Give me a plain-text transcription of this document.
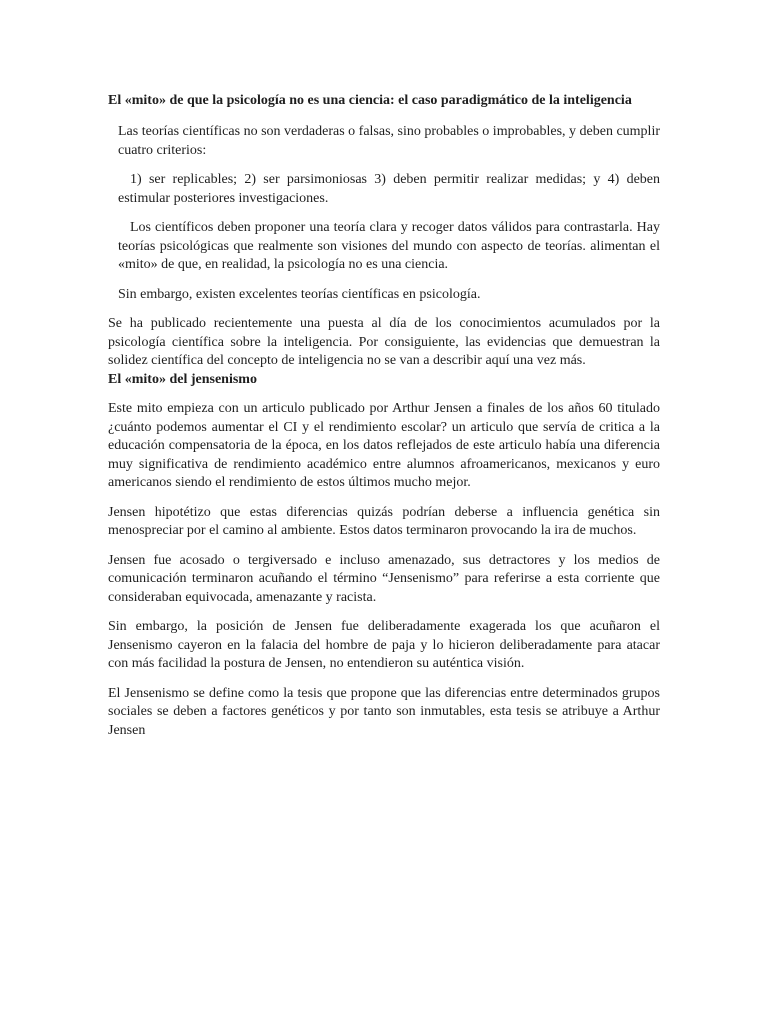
El «mito» de que la psicología no es una ciencia: el caso paradigmático de la inteligencia
Las teorías científicas no son verdaderas o falsas, sino probables o improbables, y deben cumplir cuatro criterios:
1) ser replicables; 2) ser parsimoniosas 3) deben permitir realizar medidas; y 4) deben estimular posteriores investigaciones.
Los científicos deben proponer una teoría clara y recoger datos válidos para contrastarla. Hay teorías psicológicas que realmente son visiones del mundo con aspecto de teorías. alimentan el «mito» de que, en realidad, la psicología no es una ciencia.
Sin embargo, existen excelentes teorías científicas en psicología.
Se ha publicado recientemente una puesta al día de los conocimientos acumulados por la psicología científica sobre la inteligencia. Por consiguiente, las evidencias que demuestran la solidez científica del concepto de inteligencia no se van a describir aquí una vez más.
El «mito» del jensenismo
Este mito empieza con un articulo publicado por Arthur Jensen a finales de los años 60 titulado ¿cuánto podemos aumentar el CI y el rendimiento escolar? un articulo que servía de critica a la educación compensatoria de la época, en los datos reflejados de este articulo había una diferencia muy significativa de rendimiento académico entre alumnos afroamericanos, mexicanos y euro americanos siendo el rendimiento de estos últimos mucho mejor.
Jensen hipotétizo que estas diferencias quizás podrían deberse a influencia genética sin menospreciar por el camino al ambiente. Estos datos terminaron provocando la ira de muchos.
Jensen fue acosado o tergiversado e incluso amenazado, sus detractores y los medios de comunicación terminaron acuñando el término “Jensenismo” para referirse a esta corriente que consideraban equivocada, amenazante y racista.
Sin embargo, la posición de Jensen fue deliberadamente exagerada los que acuñaron el Jensenismo cayeron en la falacia del hombre de paja y lo hicieron deliberadamente para atacar con más facilidad la postura de Jensen, no entendieron su auténtica visión.
El Jensenismo se define como la tesis que propone que las diferencias entre determinados grupos sociales se deben a factores genéticos y por tanto son inmutables, esta tesis se atribuye a Arthur Jensen
